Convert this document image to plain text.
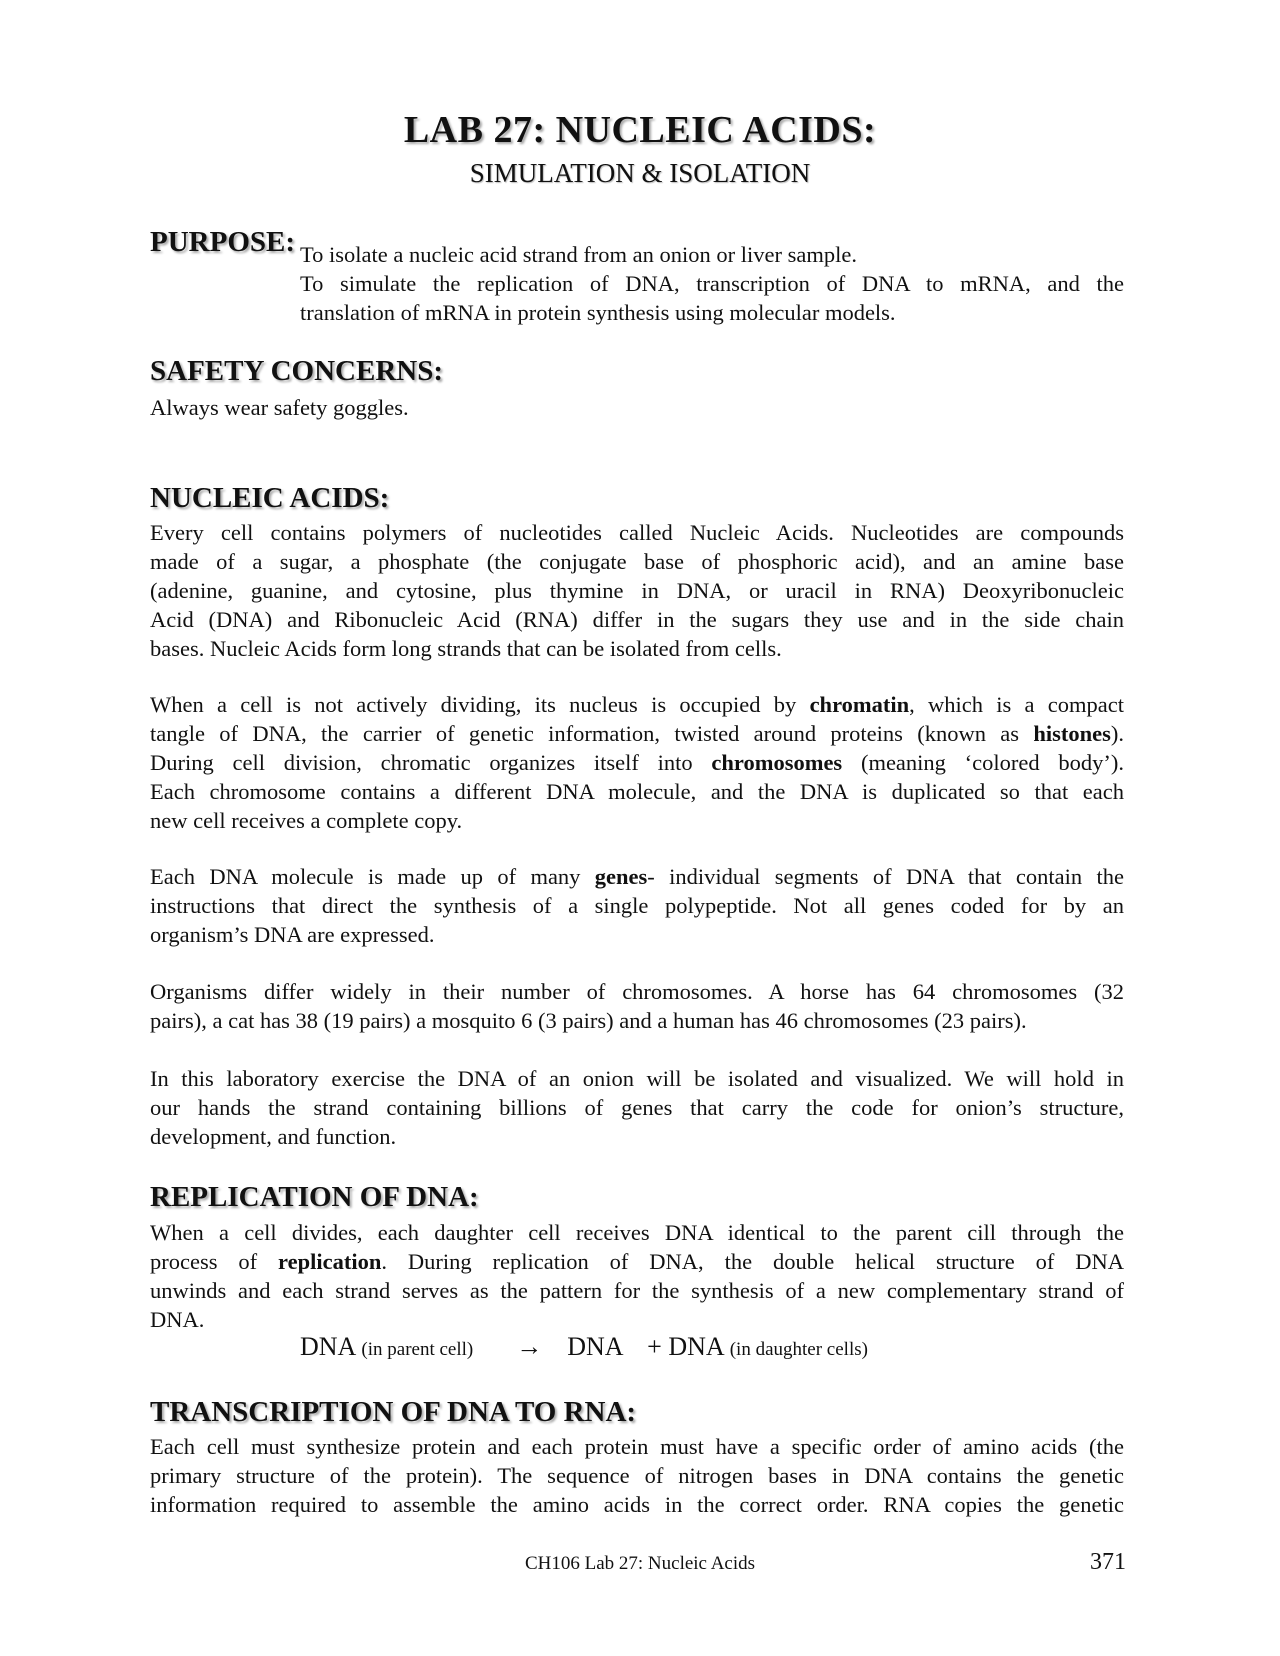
LAB 27: NUCLEIC ACIDS:
SIMULATION & ISOLATION
PURPOSE: To isolate a nucleic acid strand from an onion or liver sample.
To simulate the replication of DNA, transcription of DNA to mRNA, and the
translation of mRNA in protein synthesis using molecular models.
SAFETY CONCERNS:
Always wear safety goggles.
NUCLEIC ACIDS:
Every cell contains polymers of nucleotides called Nucleic Acids. Nucleotides are compounds
made of a sugar, a phosphate (the conjugate base of phosphoric acid), and an amine base
(adenine, guanine, and cytosine, plus thymine in DNA, or uracil in RNA) Deoxyribonucleic
Acid (DNA) and Ribonucleic Acid (RNA) differ in the sugars they use and in the side chain
bases. Nucleic Acids form long strands that can be isolated from cells.
When a cell is not actively dividing, its nucleus is occupied by chromatin, which is a compact
tangle of DNA, the carrier of genetic information, twisted around proteins (known as histones).
During cell division, chromatic organizes itself into chromosomes (meaning ‘colored body’).
Each chromosome contains a different DNA molecule, and the DNA is duplicated so that each
new cell receives a complete copy.
Each DNA molecule is made up of many genes- individual segments of DNA that contain the
instructions that direct the synthesis of a single polypeptide. Not all genes coded for by an
organism’s DNA are expressed.
Organisms differ widely in their number of chromosomes. A horse has 64 chromosomes (32
pairs), a cat has 38 (19 pairs) a mosquito 6 (3 pairs) and a human has 46 chromosomes (23 pairs).
In this laboratory exercise the DNA of an onion will be isolated and visualized. We will hold in
our hands the strand containing billions of genes that carry the code for onion’s structure,
development, and function.
REPLICATION OF DNA:
When a cell divides, each daughter cell receives DNA identical to the parent cill through the
process of replication. During replication of DNA, the double helical structure of DNA
unwinds and each strand serves as the pattern for the synthesis of a new complementary strand of
DNA.
DNA (in parent cell) → DNA + DNA (in daughter cells)
TRANSCRIPTION OF DNA TO RNA:
Each cell must synthesize protein and each protein must have a specific order of amino acids (the
primary structure of the protein). The sequence of nitrogen bases in DNA contains the genetic
information required to assemble the amino acids in the correct order. RNA copies the genetic
CH106 Lab 27: Nucleic Acids	371
